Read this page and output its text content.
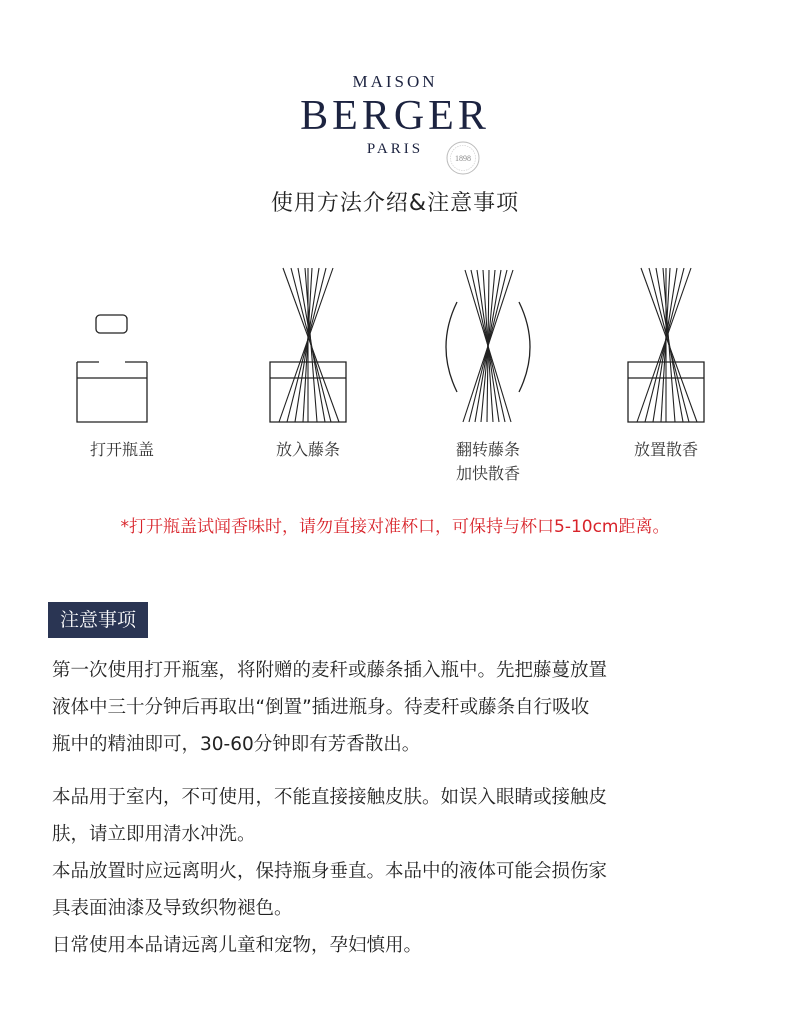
MAISON
BERGER
PARIS
1898
使用方法介绍&注意事项
打开瓶盖	放入藤条	翻转藤条
加快散香
放置散香
*打开瓶盖试闻香味时，请勿直接对准杯口，可保持与杯口5-10cm距离。
注意事项
第一次使用打开瓶塞，将附赠的麦秆或藤条插入瓶中。先把藤蔓放置
液体中三十分钟后再取出“倒置”插进瓶身。待麦秆或藤条自行吸收
瓶中的精油即可，30-60分钟即有芳香散出。
本品用于室内，不可使用，不能直接接触皮肤。如误入眼睛或接触皮
肤，请立即用清水冲洗。
本品放置时应远离明火，保持瓶身垂直。本品中的液体可能会损伤家
具表面油漆及导致织物褪色。
日常使用本品请远离儿童和宠物，孕妇慎用。
